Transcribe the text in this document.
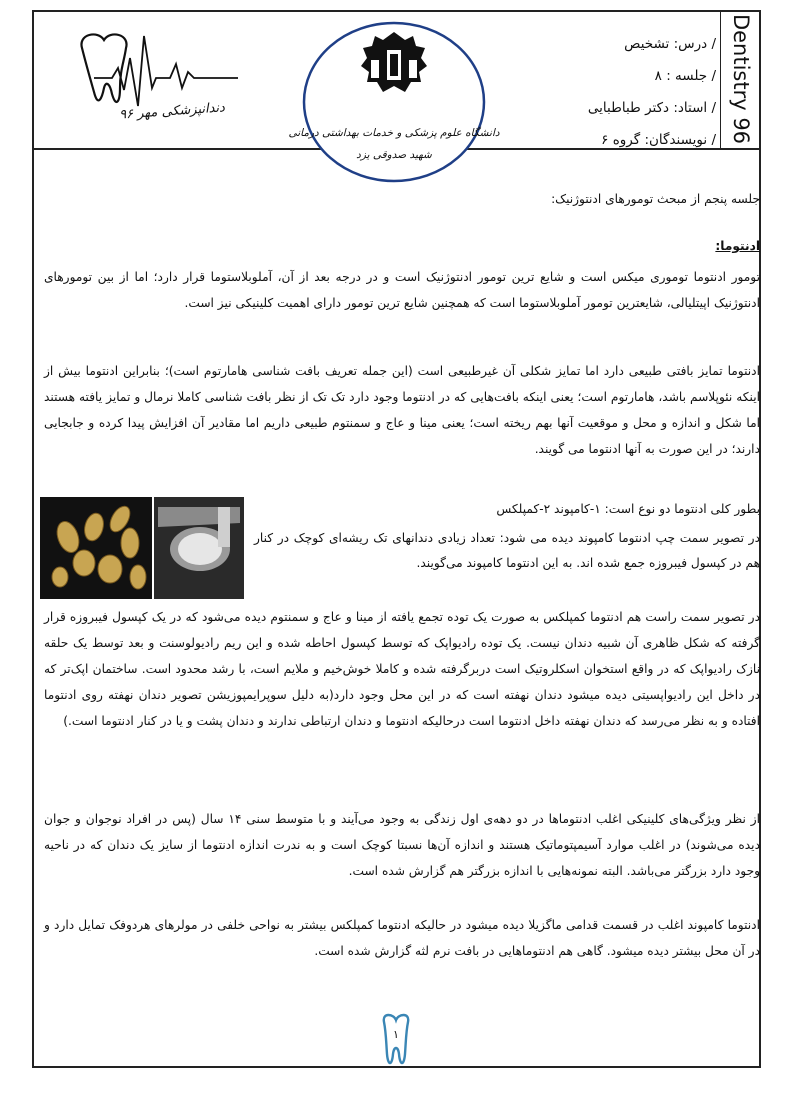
Dentistry 96
/ درس: تشخیص
/ جلسه : ۸
/ استاد: دکتر طباطبایی
/ نویسندگان: گروه ۶
دانشگاه علوم پزشکی و خدمات بهداشتی درمانی
شهید صدوقی یزد
دندانپزشکی مهر ۹۶

جلسه پنجم از مبحث تومورهای ادنتوژنیک:

ادنتوما:

تومور ادنتوما توموری میکس است و شایع ترین تومور ادنتوژنیک است و در درجه بعد از آن، آملوبلاستوما قرار دارد؛ اما از بین تومورهای ادنتوژنیک اپیتلیالی، شایعترین تومور آملوبلاستوما است که همچنین شایع ترین تومور دارای اهمیت کلینیکی نیز است.

ادنتوما تمایز بافتی طبیعی دارد اما تمایز شکلی آن غیرطبیعی است (این جمله تعریف بافت شناسی هامارتوم است)؛ بنابراین ادنتوما بیش از اینکه نئوپلاسم باشد، هامارتوم است؛ یعنی اینکه بافت‌هایی که در ادنتوما وجود دارد تک تک از نظر بافت شناسی کاملا نرمال و تمایز یافته هستند اما شکل و اندازه و محل و موقعیت آنها بهم ریخته است؛ یعنی مینا و عاج و سمنتوم طبیعی داریم اما مقادیر آن افزایش پیدا کرده و جابجایی دارند؛ در این صورت به آنها ادنتوما می گویند.

بطور کلی ادنتوما دو نوع است: ۱-کامپوند ۲-کمپلکس

در تصویر سمت چپ ادنتوما کامپوند دیده می شود: تعداد زیادی دندانهای تک ریشه‌ای کوچک در کنار هم در کپسول فیبروزه جمع شده اند. به این ادنتوما کامپوند می‌گویند.

در تصویر سمت راست هم ادنتوما کمپلکس به صورت یک توده تجمع یافته از مینا و عاج و سمنتوم دیده می‌شود که در یک کپسول فیبروزه قرار گرفته که شکل ظاهری آن شبیه دندان نیست. یک توده رادیواپک که توسط کپسول احاطه شده و این ریم رادیولوسنت و بعد توسط یک حلقه نازک رادیواپک که در واقع استخوان اسکلروتیک است دربرگرفته شده و کاملا خوش‌خیم و ملایم است، با رشد محدود است. ساختمان اپک‌تر که در داخل این رادیواپسیتی دیده میشود دندان نهفته است که در این محل وجود دارد(به دلیل سوپرایمپوزیشن تصویر دندان نهفته روی ادنتوما افتاده و به نظر می‌رسد که دندان نهفته داخل ادنتوما است درحالیکه ادنتوما و دندان ارتباطی ندارند و دندان پشت و یا در کنار ادنتوما است.)

از نظر ویژگی‌های کلینیکی اغلب ادنتوماها در دو دهه‌ی اول زندگی به وجود می‌آیند و با متوسط سنی ۱۴ سال (پس در افراد نوجوان و جوان دیده می‌شوند) در اغلب موارد آسیمپتوماتیک هستند و اندازه آن‌ها نسبتا کوچک است و به ندرت اندازه ادنتوما از سایز یک دندان که در ناحیه وجود دارد بزرگتر می‌باشد. البته نمونه‌هایی با اندازه بزرگتر هم گزارش شده است.

ادنتوما کامپوند اغلب در قسمت قدامی ماگزیلا دیده میشود در حالیکه ادنتوما کمپلکس بیشتر به نواحی خلفی در مولرهای هردوفک تمایل دارد و در آن محل بیشتر دیده میشود. گاهی هم ادنتوماهایی در بافت نرم لثه گزارش شده است.

۱
